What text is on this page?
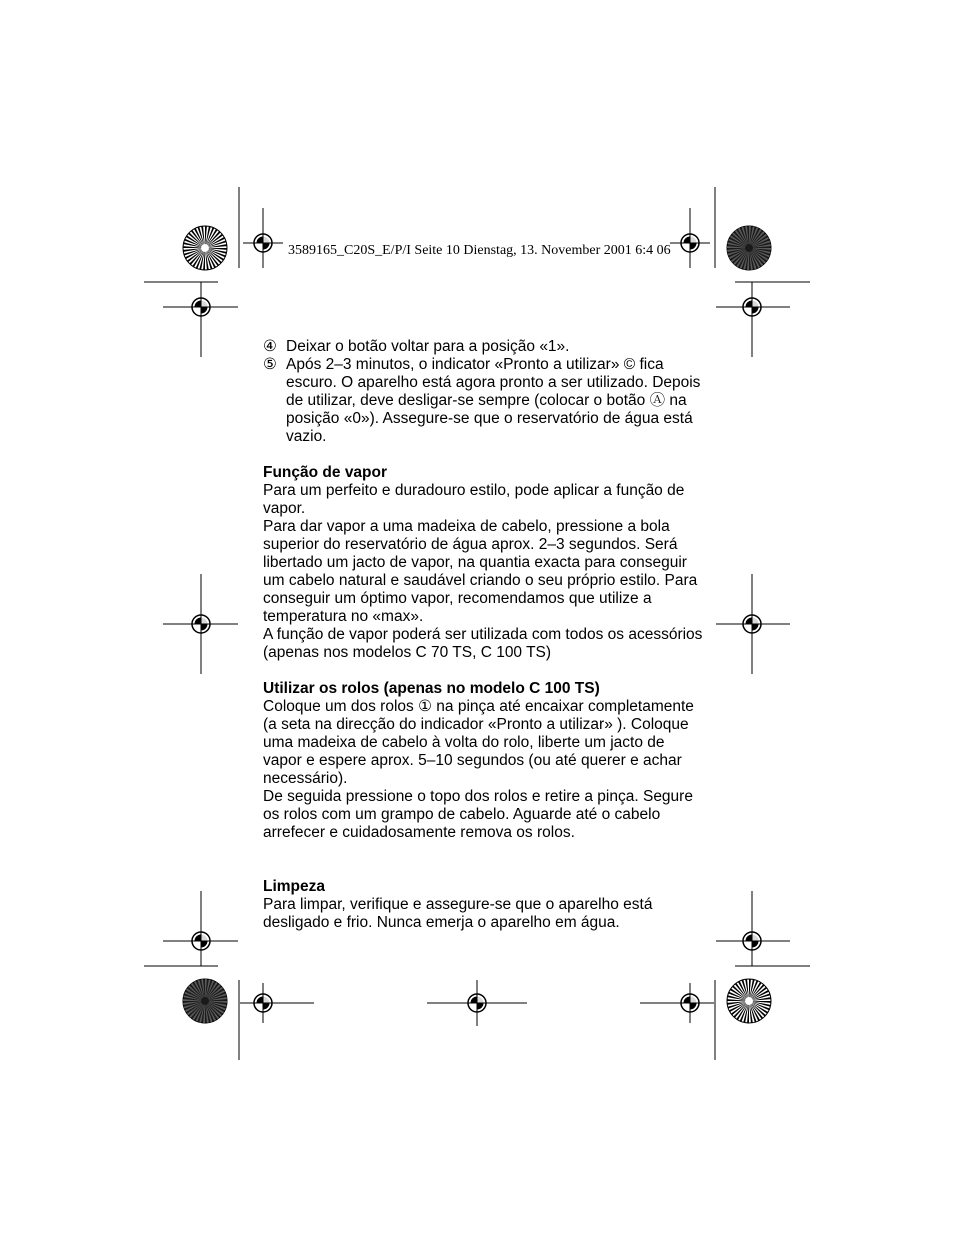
3589165_C20S_E/P/I Seite 10 Dienstag, 13. November 2001 6:4 06
④ Deixar o botão voltar para a posição «1».
⑤ Após 2–3 minutos, o indicator «Pronto a utilizar» © fica escuro. O aparelho está agora pronto a ser utilizado. Depois de utilizar, deve desligar-se sempre (colocar o botão Ⓐ na posição «0»). Assegure-se que o reservatório de água está vazio.

Função de vapor

Para um perfeito e duradouro estilo, pode aplicar a função de vapor.

Para dar vapor a uma madeixa de cabelo, pressione a bola superior do reservatório de água aprox. 2–3 segundos. Será libertado um jacto de vapor, na quantia exacta para conseguir um cabelo natural e saudável criando o seu próprio estilo. Para conseguir um óptimo vapor, recomendamos que utilize a temperatura no «max».

A função de vapor poderá ser utilizada com todos os acessórios (apenas nos modelos C 70 TS, C 100 TS)

Utilizar os rolos (apenas no modelo C 100 TS)

Coloque um dos rolos ① na pinça até encaixar completamente (a seta na direcção do indicador «Pronto a utilizar» ). Coloque uma madeixa de cabelo à volta do rolo, liberte um jacto de vapor e espere aprox. 5–10 segundos (ou até querer e achar necessário).

De seguida pressione o topo dos rolos e retire a pinça. Segure os rolos com um grampo de cabelo. Aguarde até o cabelo arrefecer e cuidadosamente remova os rolos.

Limpeza

Para limpar, verifique e assegure-se que o aparelho está desligado e frio. Nunca emerja o aparelho em água.
